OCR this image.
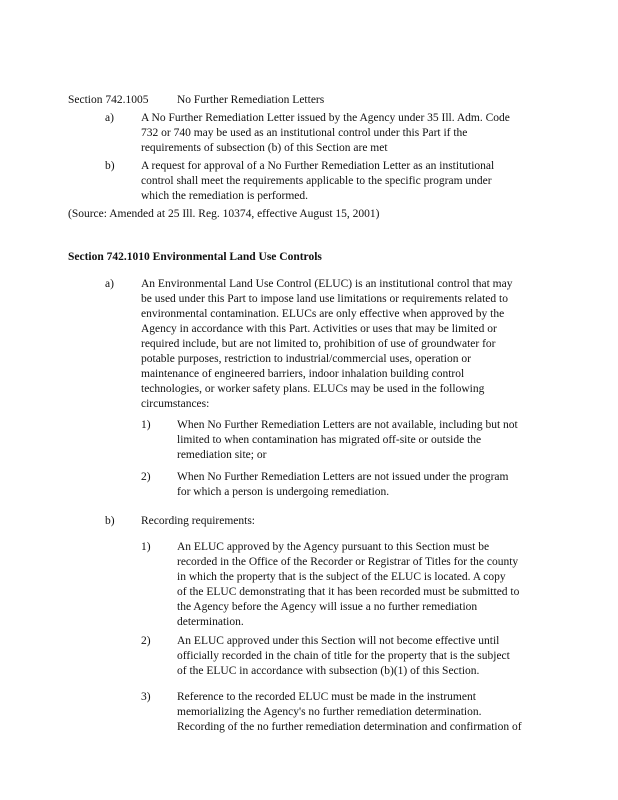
Section 742.1005 No Further Remediation Letters
a) A No Further Remediation Letter issued by the Agency under 35 Ill. Adm. Code
732 or 740 may be used as an institutional control under this Part if the
requirements of subsection (b) of this Section are met
b) A request for approval of a No Further Remediation Letter as an institutional
control shall meet the requirements applicable to the specific program under
which the remediation is performed.
(Source: Amended at 25 Ill. Reg. 10374, effective August 15, 2001)
Section 742.1010 Environmental Land Use Controls
a) An Environmental Land Use Control (ELUC) is an institutional control that may
be used under this Part to impose land use limitations or requirements related to
environmental contamination. ELUCs are only effective when approved by the
Agency in accordance with this Part. Activities or uses that may be limited or
required include, but are not limited to, prohibition of use of groundwater for
potable purposes, restriction to industrial/commercial uses, operation or
maintenance of engineered barriers, indoor inhalation building control
technologies, or worker safety plans. ELUCs may be used in the following
circumstances:
1) When No Further Remediation Letters are not available, including but not
limited to when contamination has migrated off-site or outside the
remediation site; or
2) When No Further Remediation Letters are not issued under the program
for which a person is undergoing remediation.
b) Recording requirements:
1) An ELUC approved by the Agency pursuant to this Section must be
recorded in the Office of the Recorder or Registrar of Titles for the county
in which the property that is the subject of the ELUC is located. A copy
of the ELUC demonstrating that it has been recorded must be submitted to
the Agency before the Agency will issue a no further remediation
determination.
2) An ELUC approved under this Section will not become effective until
officially recorded in the chain of title for the property that is the subject
of the ELUC in accordance with subsection (b)(1) of this Section.
3) Reference to the recorded ELUC must be made in the instrument
memorializing the Agency's no further remediation determination.
Recording of the no further remediation determination and confirmation of
